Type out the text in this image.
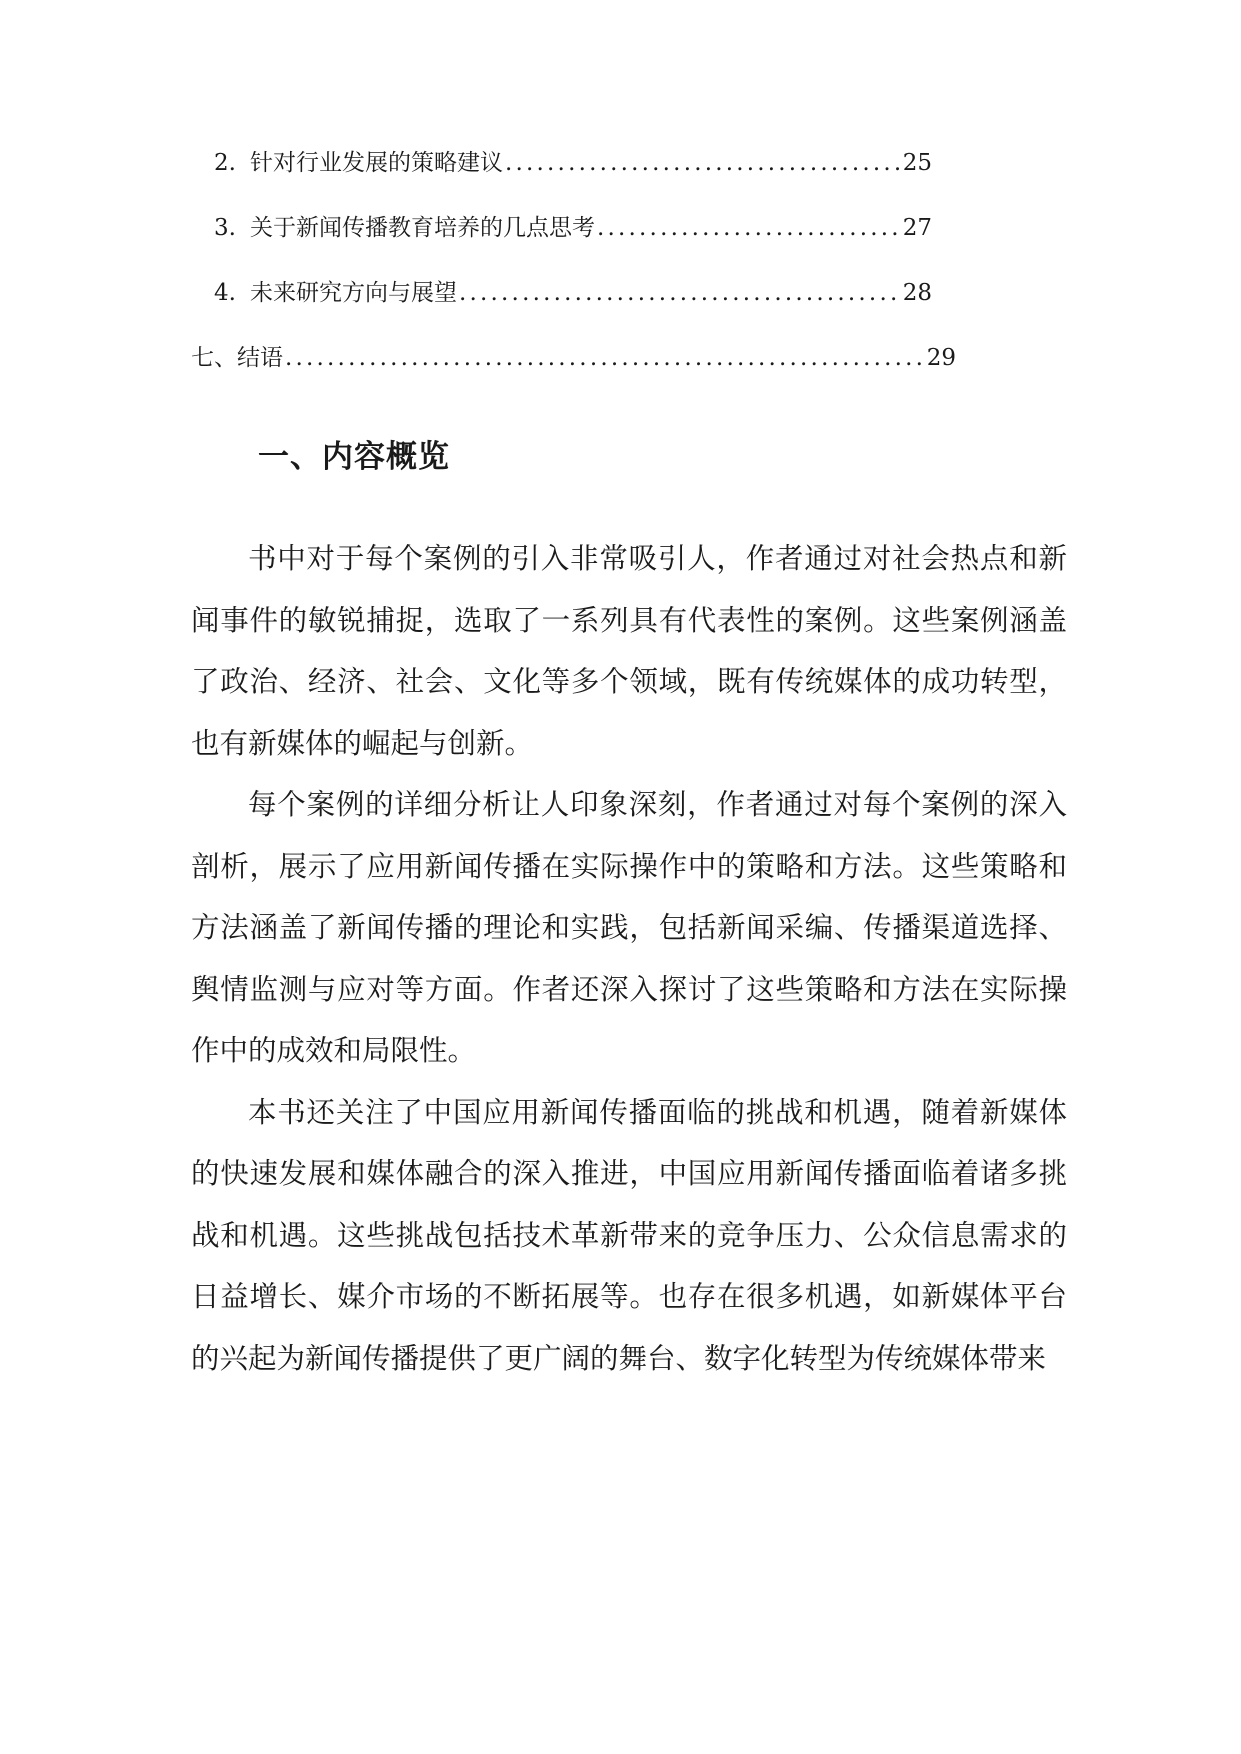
2. 针对行业发展的策略建议 .....	25
3. 关于新闻传播教育培养的几点思考 .....	27
4. 未来研究方向与展望 .....	28
七、结语 .....	29
一、内容概览

书中对于每个案例的引入非常吸引人，作者通过对社会热点和新闻事件的敏锐捕捉，选取了一系列具有代表性的案例。这些案例涵盖了政治、经济、社会、文化等多个领域，既有传统媒体的成功转型，也有新媒体的崛起与创新。

每个案例的详细分析让人印象深刻，作者通过对每个案例的深入剖析，展示了应用新闻传播在实际操作中的策略和方法。这些策略和方法涵盖了新闻传播的理论和实践，包括新闻采编、传播渠道选择、舆情监测与应对等方面。作者还深入探讨了这些策略和方法在实际操作中的成效和局限性。

本书还关注了中国应用新闻传播面临的挑战和机遇，随着新媒体的快速发展和媒体融合的深入推进，中国应用新闻传播面临着诸多挑战和机遇。这些挑战包括技术革新带来的竞争压力、公众信息需求的日益增长、媒介市场的不断拓展等。也存在很多机遇，如新媒体平台的兴起为新闻传播提供了更广阔的舞台、数字化转型为传统媒体带来
